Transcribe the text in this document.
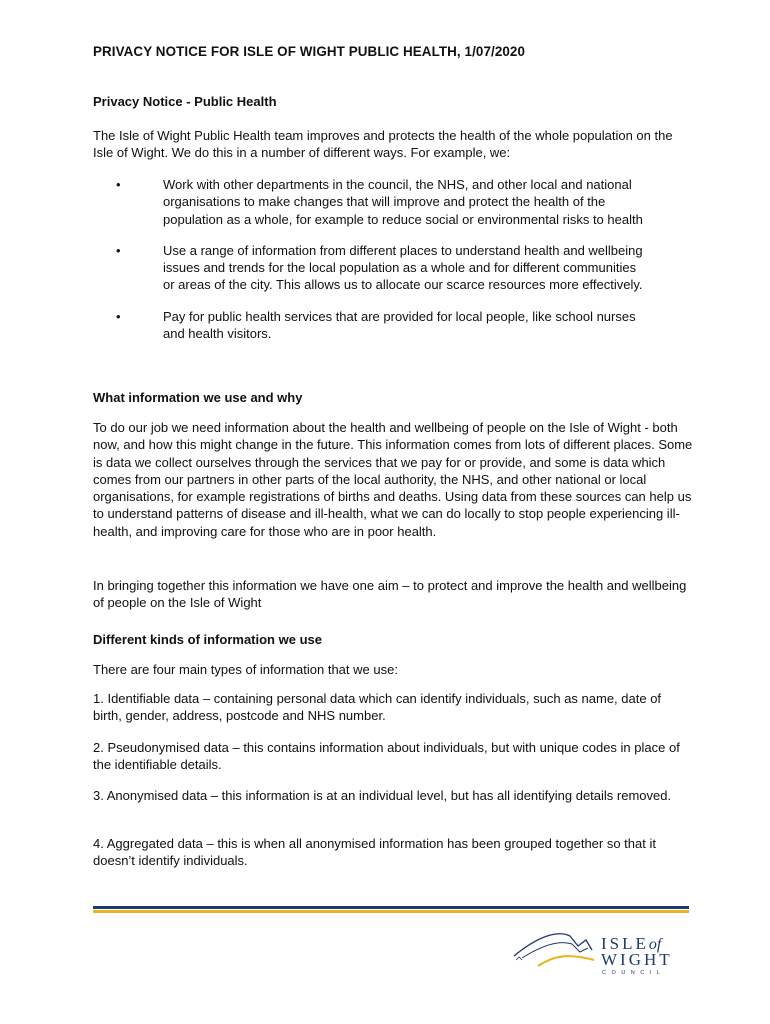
PRIVACY NOTICE FOR ISLE OF WIGHT PUBLIC HEALTH, 1/07/2020
Privacy Notice - Public Health
The Isle of Wight Public Health team improves and protects the health of the whole population on the Isle of Wight. We do this in a number of different ways. For example, we:
•	Work with other departments in the council, the NHS, and other local and national organisations to make changes that will improve and protect the health of the population as a whole, for example to reduce social or environmental risks to health
•	Use a range of information from different places to understand health and wellbeing issues and trends for the local population as a whole and for different communities or areas of the city. This allows us to allocate our scarce resources more effectively.
•	Pay for public health services that are provided for local people, like school nurses and health visitors.
What information we use and why
To do our job we need information about the health and wellbeing of people on the Isle of Wight - both now, and how this might change in the future. This information comes from lots of different places. Some is data we collect ourselves through the services that we pay for or provide, and some is data which comes from our partners in other parts of the local authority, the NHS, and other national or local organisations, for example registrations of births and deaths. Using data from these sources can help us to understand patterns of disease and ill-health, what we can do locally to stop people experiencing ill-health, and improving care for those who are in poor health.
In bringing together this information we have one aim – to protect and improve the health and wellbeing of people on the Isle of Wight
Different kinds of information we use
There are four main types of information that we use:
1. Identifiable data – containing personal data which can identify individuals, such as name, date of birth, gender, address, postcode and NHS number.
2. Pseudonymised data – this contains information about individuals, but with unique codes in place of the identifiable details.
3. Anonymised data – this information is at an individual level, but has all identifying details removed.
4. Aggregated data – this is when all anonymised information has been grouped together so that it doesn’t identify individuals.
ISLEof
WIGHT
COUNCIL
